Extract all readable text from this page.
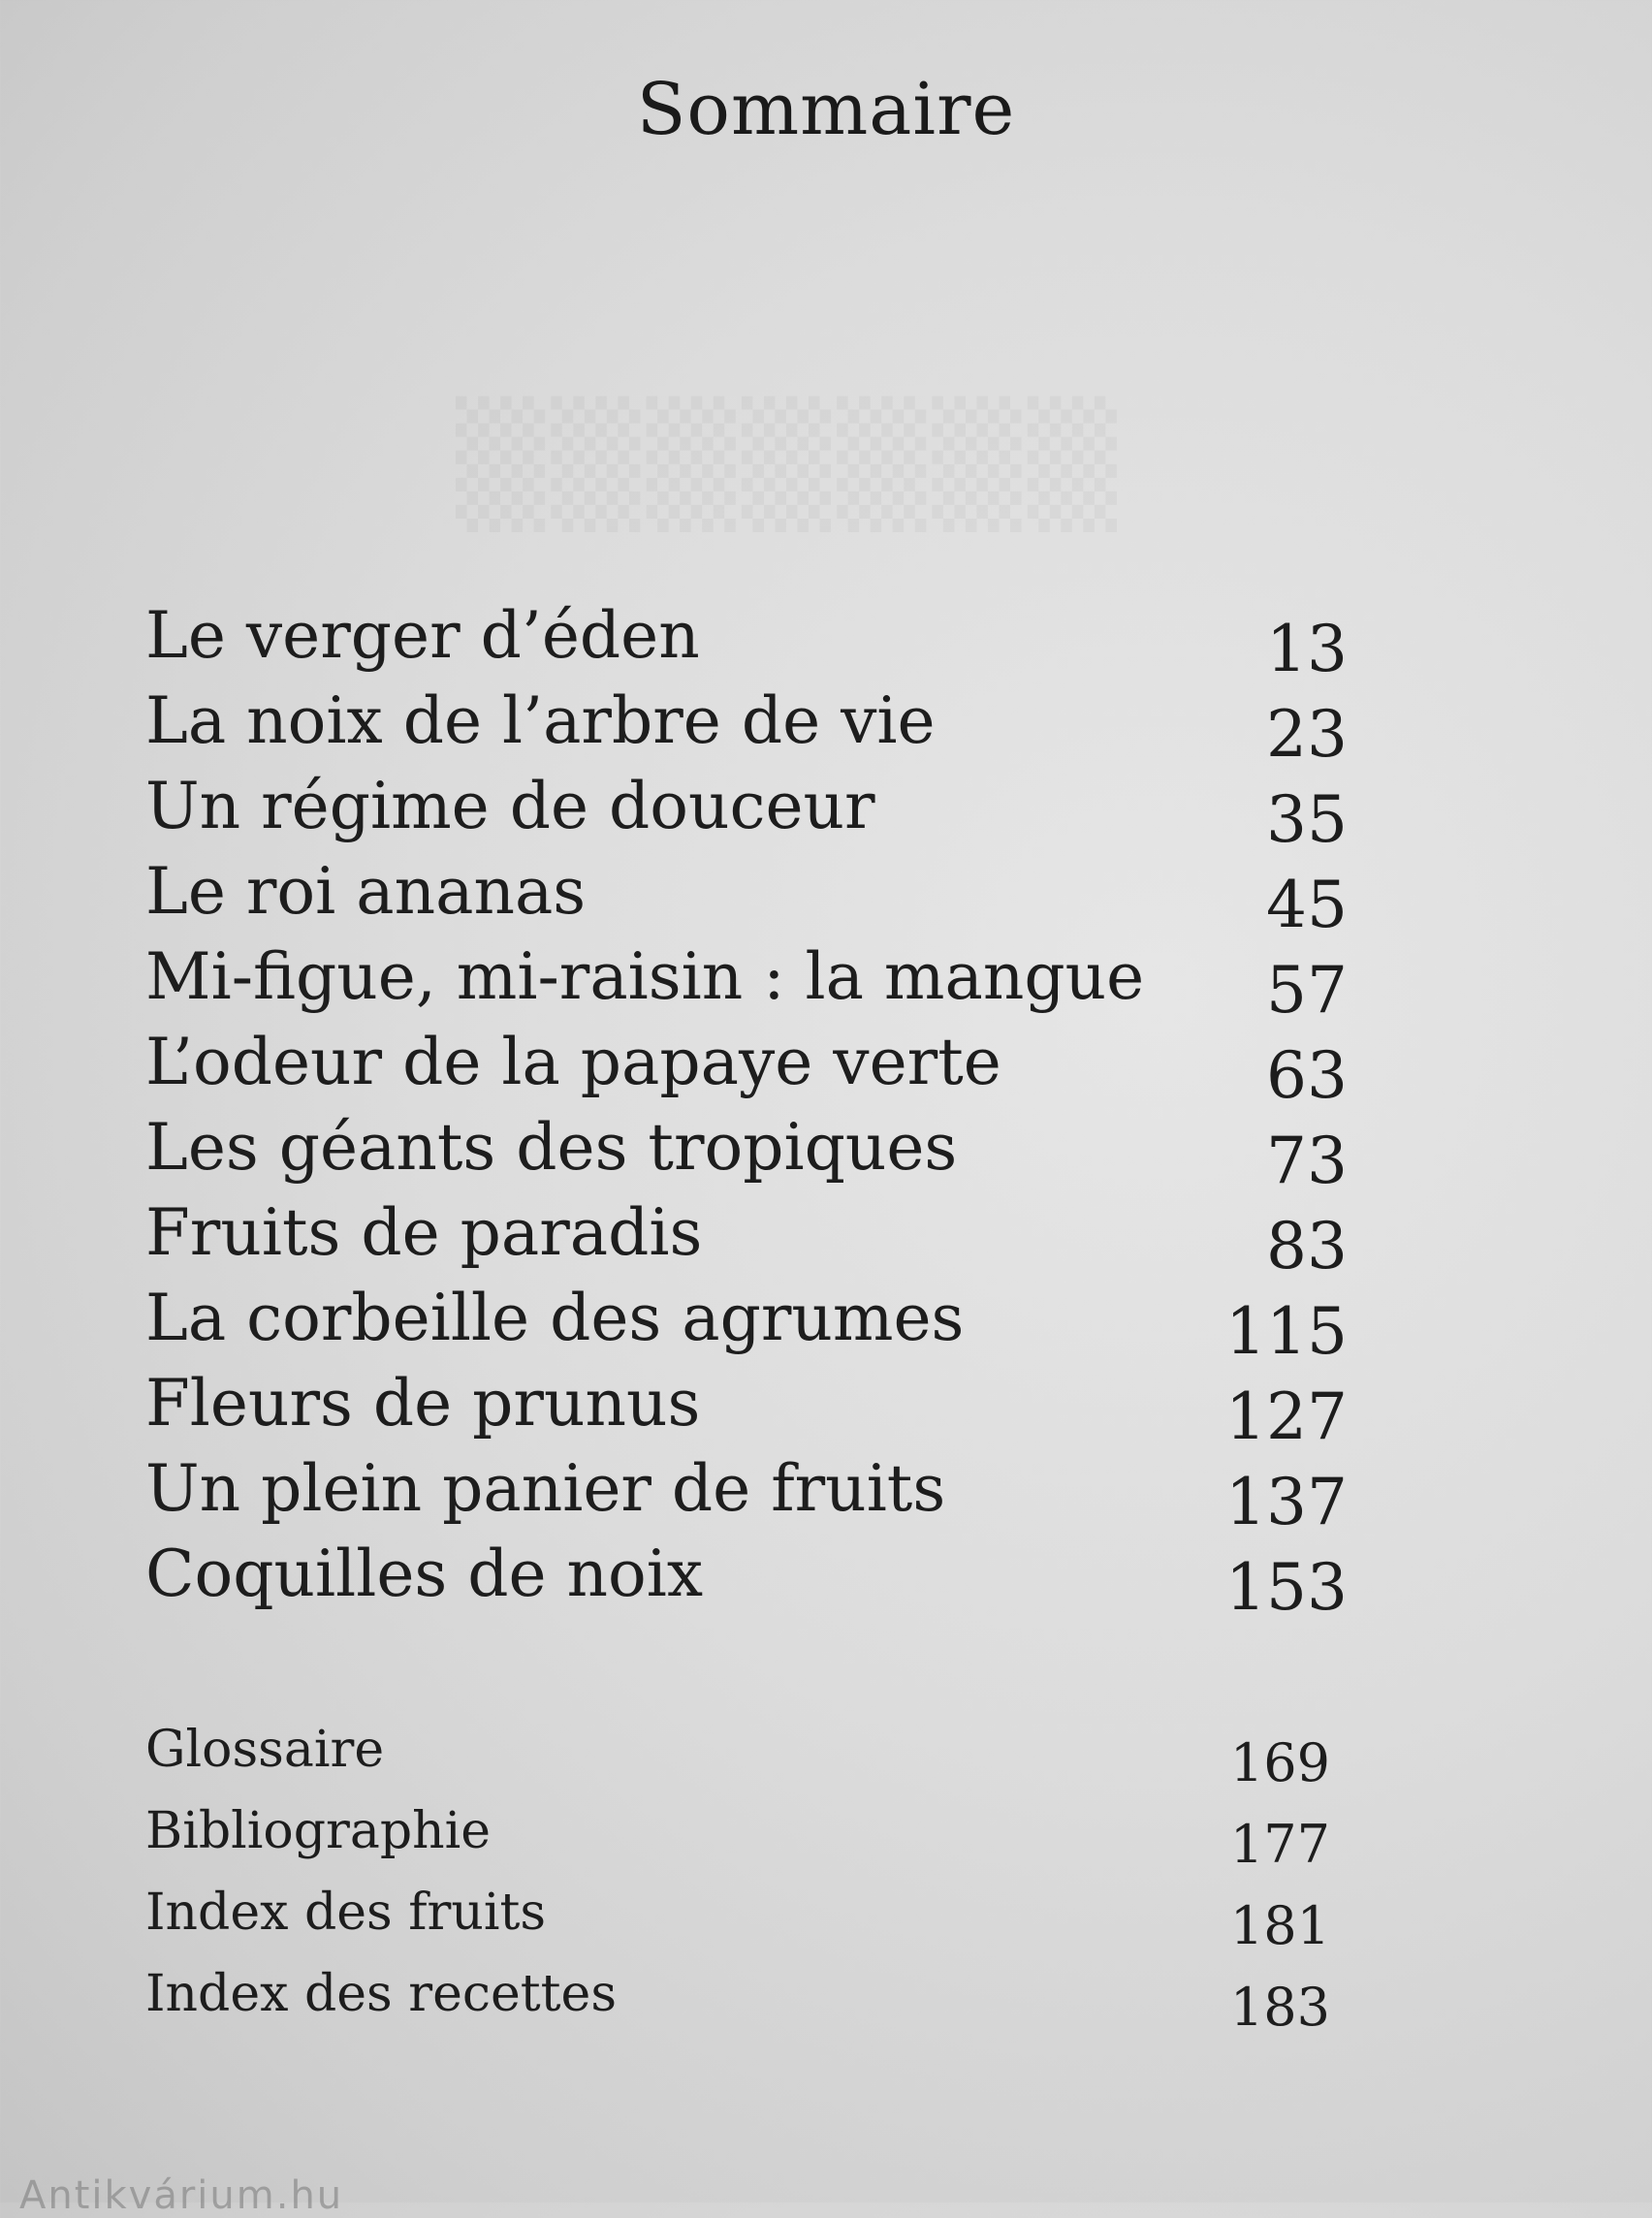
Sommaire
Le verger d’éden	13
La noix de l’arbre de vie	23
Un régime de douceur	35
Le roi ananas	45
Mi-figue, mi-raisin : la mangue 57
L’odeur de la papaye verte	63
Les géants des tropiques	73
Fruits de paradis	83
La corbeille des agrumes	115
Fleurs de prunus	127
Un plein panier de fruits	137
Coquilles de noix	153
Glossaire	169
Bibliographie	177
Index des fruits	181
Index des recettes	183
Antikvárium.hu
